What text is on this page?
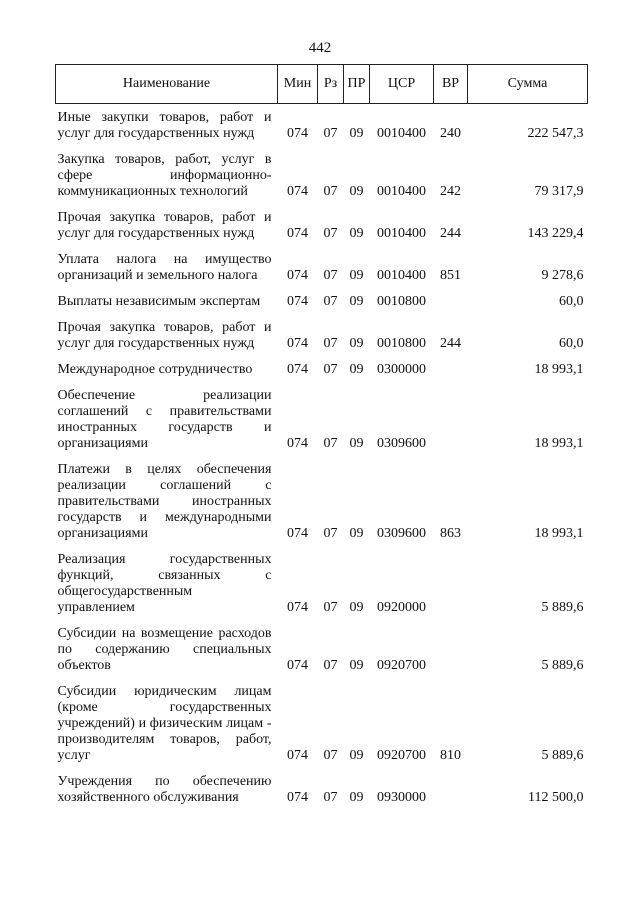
442
Наименование	Мин	Рз	ПР	ЦСР	ВР	Сумма
Иные закупки товаров, работ и услуг для государственных нужд	074	07	09	0010400	240	222 547,3
Закупка товаров, работ, услуг в сфере информационно-коммуникационных технологий	074	07	09	0010400	242	79 317,9
Прочая закупка товаров, работ и услуг для государственных нужд	074	07	09	0010400	244	143 229,4
Уплата налога на имущество организаций и земельного налога	074	07	09	0010400	851	9 278,6
Выплаты независимым экспертам	074	07	09	0010800		60,0
Прочая закупка товаров, работ и услуг для государственных нужд	074	07	09	0010800	244	60,0
Международное сотрудничество	074	07	09	0300000		18 993,1
Обеспечение реализации соглашений с правительствами иностранных государств и организациями	074	07	09	0309600		18 993,1
Платежи в целях обеспечения реализации соглашений с правительствами иностранных государств и международными организациями	074	07	09	0309600	863	18 993,1
Реализация государственных функций, связанных с общегосударственным управлением	074	07	09	0920000		5 889,6
Субсидии на возмещение расходов по содержанию специальных объектов	074	07	09	0920700		5 889,6
Субсидии юридическим лицам (кроме государственных учреждений) и физическим лицам - производителям товаров, работ, услуг	074	07	09	0920700	810	5 889,6
Учреждения по обеспечению хозяйственного обслуживания	074	07	09	0930000		112 500,0
